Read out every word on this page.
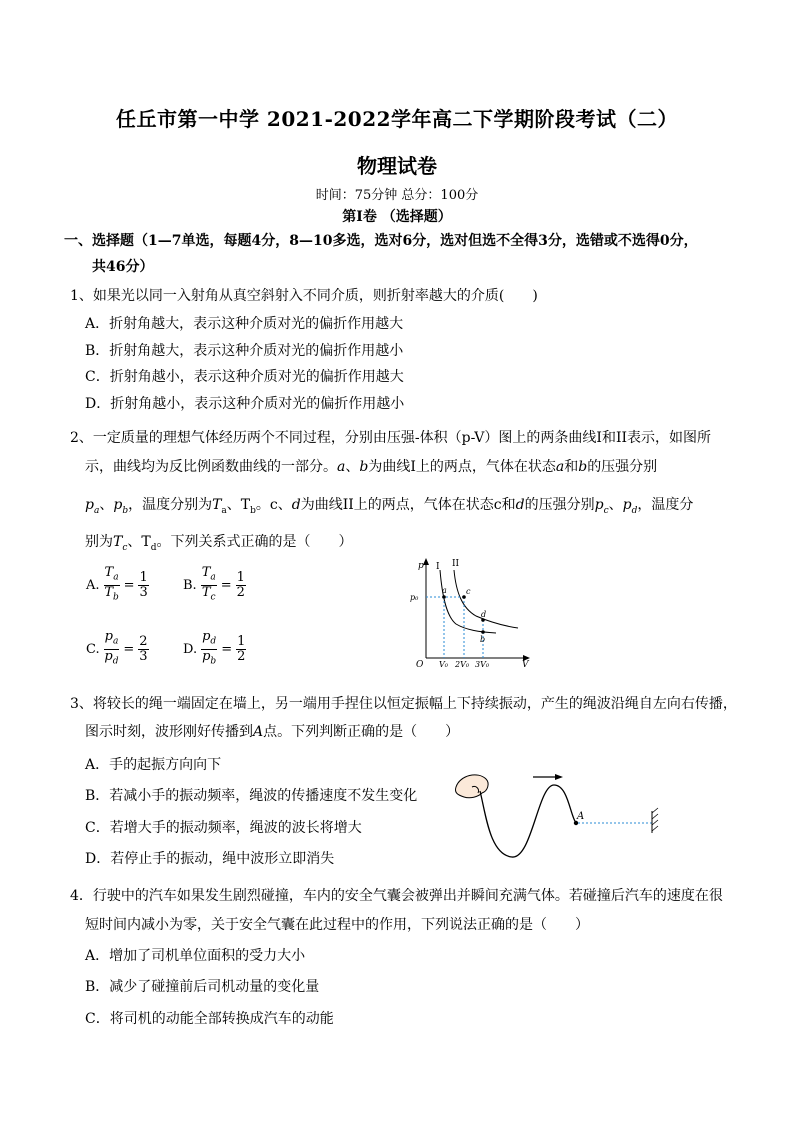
任丘市第一中学 2021-2022学年高二下学期阶段考试（二）
物理试卷
时间：75分钟 总分：100分
第Ⅰ卷 （选择题）
一、选择题（1—7单选，每题4分，8—10多选，选对6分，选对但选不全得3分，选错或不选得0分，
共46分）
1、如果光以同一入射角从真空斜射入不同介质，则折射率越大的介质(　　)
A．折射角越大，表示这种介质对光的偏折作用越大
B．折射角越大，表示这种介质对光的偏折作用越小
C．折射角越小，表示这种介质对光的偏折作用越大
D．折射角越小，表示这种介质对光的偏折作用越小
2、一定质量的理想气体经历两个不同过程，分别由压强-体积（p-V）图上的两条曲线I和II表示，如图所
示，曲线均为反比例函数曲线的一部分。a、b为曲线I上的两点，气体在状态a和b的压强分别
$p_a$、$p_b$，温度分别为$T_a$、$T_b$。c、d为曲线II上的两点，气体在状态c和d的压强分别$p_c$、$p_d$，温度分
别为$T_c$、$T_d$。下列关系式正确的是（　　）
A. $\frac{T_a}{T_b} = \frac{1}{3}$	B. $\frac{T_a}{T_c} = \frac{1}{2}$
C. $\frac{p_a}{p_d} = \frac{2}{3}$	D. $\frac{p_d}{p_b} = \frac{1}{2}$
p
V
O
I II
p₀
V₀ 2V₀ 3V₀
a c
d
b
3、将较长的绳一端固定在墙上，另一端用手捏住以恒定振幅上下持续振动，产生的绳波沿绳自左向右传播，
图示时刻，波形刚好传播到A点。下列判断正确的是（　　）
A．手的起振方向向下
B．若减小手的振动频率，绳波的传播速度不发生变化
C．若增大手的振动频率，绳波的波长将增大
D．若停止手的振动，绳中波形立即消失
A
4．行驶中的汽车如果发生剧烈碰撞，车内的安全气囊会被弹出并瞬间充满气体。若碰撞后汽车的速度在很
短时间内减小为零，关于安全气囊在此过程中的作用，下列说法正确的是（　　）
A．增加了司机单位面积的受力大小
B．减少了碰撞前后司机动量的变化量
C．将司机的动能全部转换成汽车的动能
